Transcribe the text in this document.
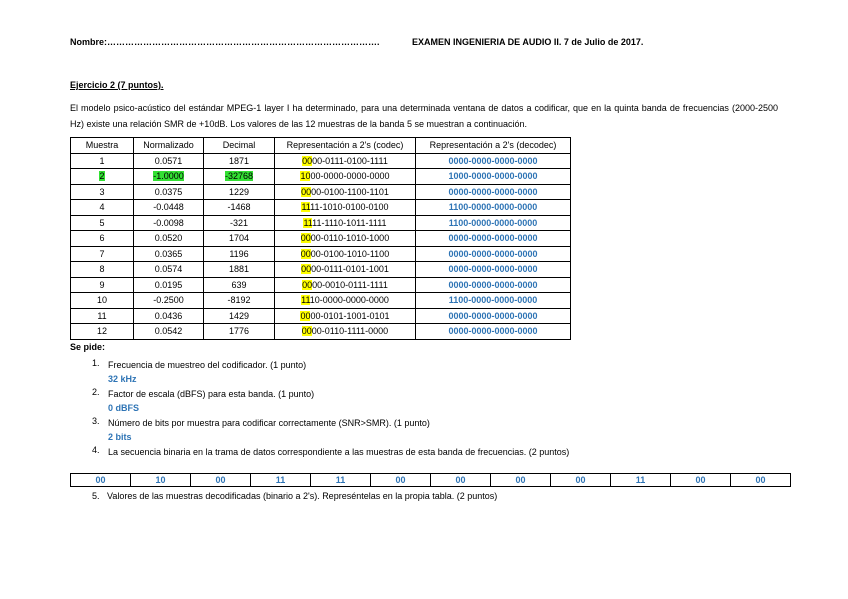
Nombre:……………………………………………………………………………….	EXAMEN INGENIERIA DE AUDIO II. 7 de Julio de 2017.
Ejercicio 2 (7 puntos).
El modelo psico-acústico del estándar MPEG-1 layer I ha determinado, para una determinada ventana de datos a codificar, que en la quinta banda de frecuencias (2000-2500 Hz) existe una relación SMR de +10dB. Los valores de las 12 muestras de la banda 5 se muestran a continuación.
Muestra	Normalizado	Decimal	Representación a 2's (codec)	Representación a 2's (decodec)
1	0.0571	1871	0000-0111-0100-1111	0000-0000-0000-0000
2	-1.0000	-32768	1000-0000-0000-0000	1000-0000-0000-0000
3	0.0375	1229	0000-0100-1100-1101	0000-0000-0000-0000
4	-0.0448	-1468	1111-1010-0100-0100	1100-0000-0000-0000
5	-0.0098	-321	1111-1110-1011-1111	1100-0000-0000-0000
6	0.0520	1704	0000-0110-1010-1000	0000-0000-0000-0000
7	0.0365	1196	0000-0100-1010-1100	0000-0000-0000-0000
8	0.0574	1881	0000-0111-0101-1001	0000-0000-0000-0000
9	0.0195	639	0000-0010-0111-1111	0000-0000-0000-0000
10	-0.2500	-8192	1110-0000-0000-0000	1100-0000-0000-0000
11	0.0436	1429	0000-0101-1001-0101	0000-0000-0000-0000
12	0.0542	1776	0000-0110-1111-0000	0000-0000-0000-0000
Se pide:
1. Frecuencia de muestreo del codificador. (1 punto)
32 kHz
2. Factor de escala (dBFS) para esta banda. (1 punto)
0 dBFS
3. Número de bits por muestra para codificar correctamente (SNR>SMR). (1 punto)
2 bits
4. La secuencia binaria en la trama de datos correspondiente a las muestras de esta banda de frecuencias. (2 puntos)
00	10	00	11	11	00	00	00	00	11	00	00
5. Valores de las muestras decodificadas (binario a 2's). Represéntelas en la propia tabla. (2 puntos)
